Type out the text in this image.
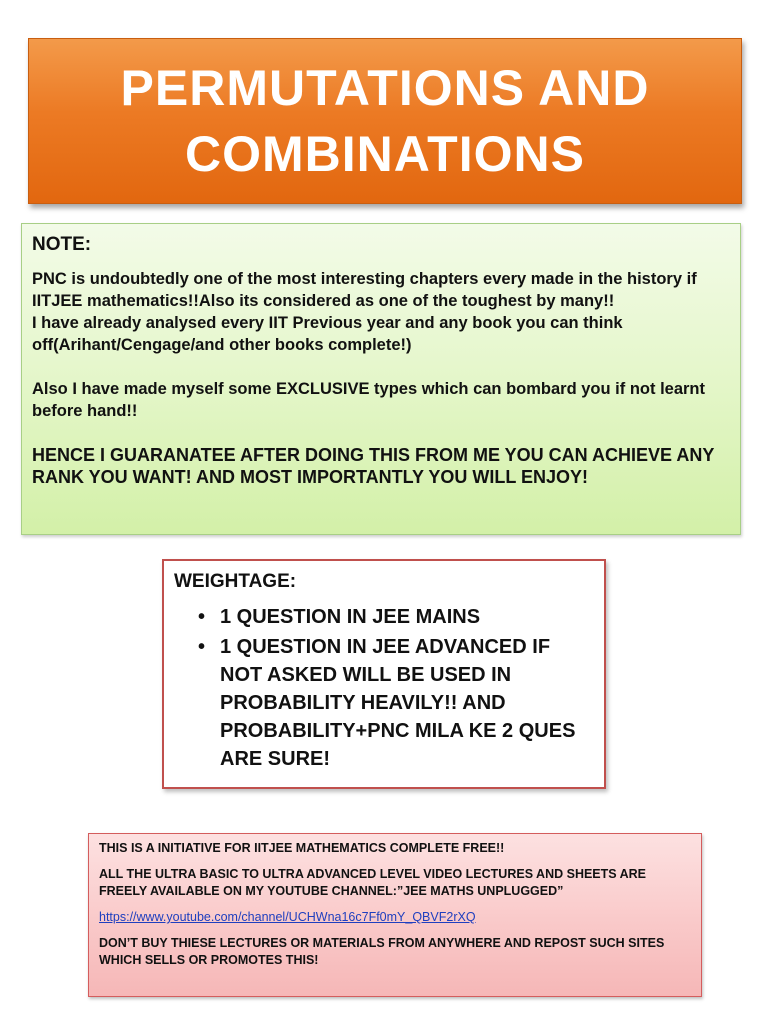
PERMUTATIONS AND
COMBINATIONS
NOTE:

PNC is undoubtedly one of the most interesting chapters every made in the history if IITJEE mathematics!!Also its considered as one of the toughest by many!!

I have already analysed every IIT Previous year and any book you can think off(Arihant/Cengage/and other books complete!)

Also I have made myself some EXCLUSIVE types which can bombard you if not learnt before hand!!

HENCE I GUARANATEE AFTER DOING THIS FROM ME YOU CAN ACHIEVE ANY RANK YOU WANT! AND MOST IMPORTANTLY YOU WILL ENJOY!

WEIGHTAGE:
• 1 QUESTION IN JEE MAINS
• 1 QUESTION IN JEE ADVANCED IF NOT ASKED WILL BE USED IN PROBABILITY HEAVILY!! AND PROBABILITY+PNC MILA KE 2 QUES ARE SURE!

THIS IS A INITIATIVE FOR IITJEE MATHEMATICS COMPLETE FREE!!

ALL THE ULTRA BASIC TO ULTRA ADVANCED LEVEL VIDEO LECTURES AND SHEETS ARE FREELY AVAILABLE ON MY YOUTUBE CHANNEL:”JEE MATHS UNPLUGGED”

https://www.youtube.com/channel/UCHWna16c7Ff0mY_QBVF2rXQ

DON’T BUY THIESE LECTURES OR MATERIALS FROM ANYWHERE AND REPOST SUCH SITES WHICH SELLS OR PROMOTES THIS!
